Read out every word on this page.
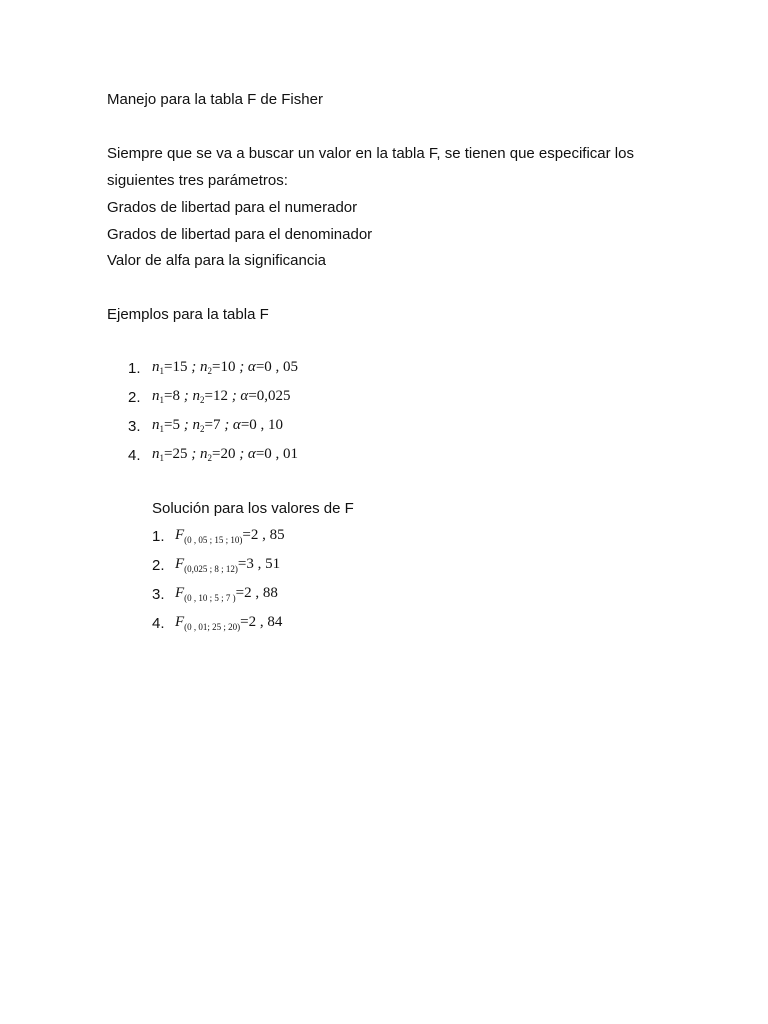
Manejo para la tabla F de Fisher
Siempre que se va a buscar un valor en la tabla F, se tienen que especificar los
siguientes tres parámetros:
Grados de libertad para el numerador
Grados de libertad para el denominador
Valor de alfa para la significancia
Ejemplos para la tabla F
1. $n_1=15$ ; $n_2=10$ ; α=0 , 05
2. $n_1=8$ ; $n_2=12$ ; α=0,025
3. $n_1=5$ ; $n_2=7$ ; α=0 , 10
4. $n_1=25$ ; $n_2=20$ ; α=0 , 01
Solución para los valores de F
1. $F_{(0 , 05 ; 15 ; 10)}=2$ , 85
2. $F_{(0,025 ; 8 ; 12)}=3$ , 51
3. $F_{(0 , 10 ; 5 ; 7 )}=2$ , 88
4. $F_{(0 , 01; 25 ; 20)}=2$ , 84
